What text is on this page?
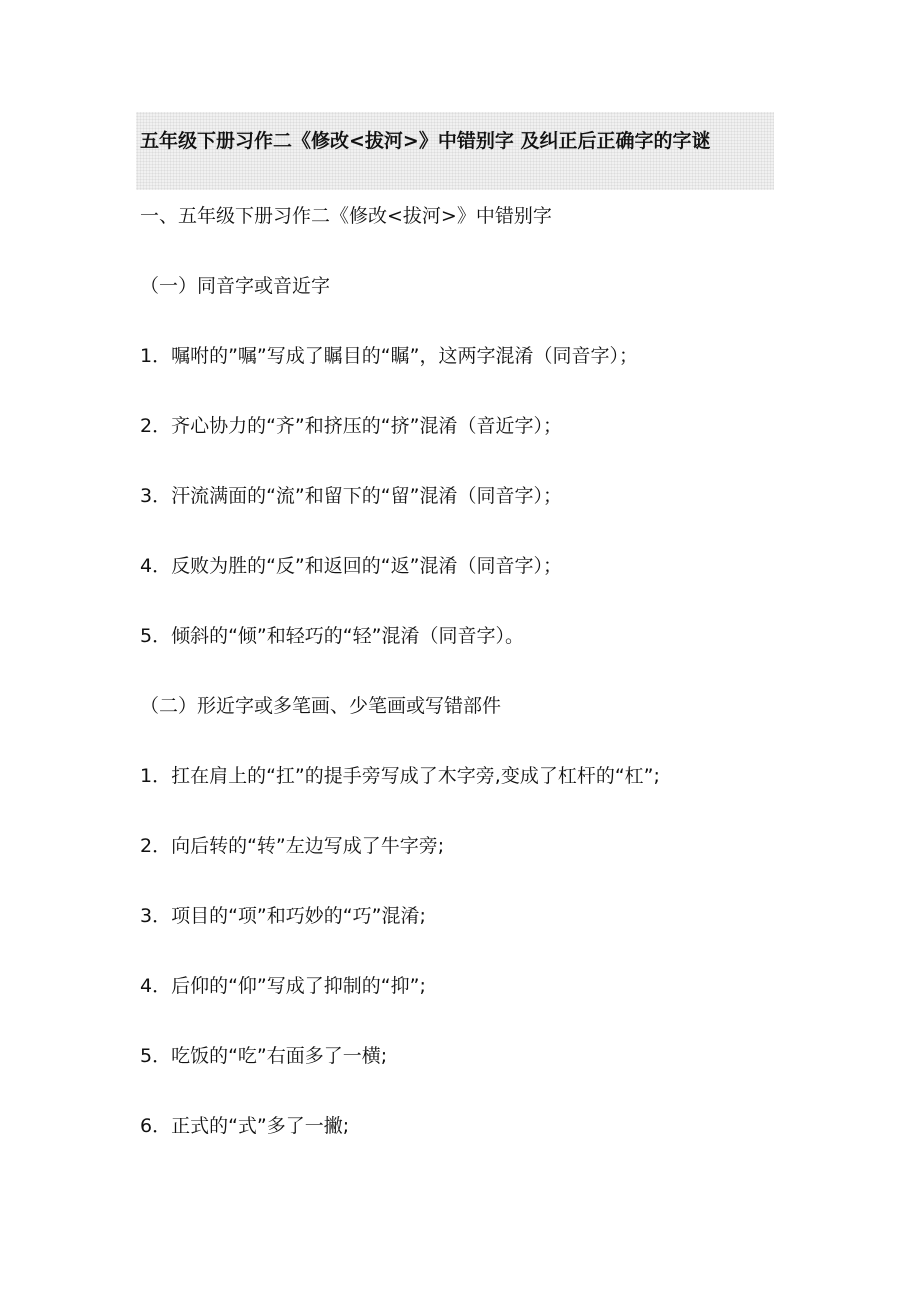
五年级下册习作二《修改<拔河>》中错别字 及纠正后正确字的字谜
一、五年级下册习作二《修改<拔河>》中错别字
（一）同音字或音近字
1．嘱咐的”嘱”写成了瞩目的“瞩”，这两字混淆（同音字）；
2．齐心协力的“齐”和挤压的“挤”混淆（音近字）；
3．汗流满面的“流”和留下的“留”混淆（同音字）；
4．反败为胜的“反”和返回的“返”混淆（同音字）；
5．倾斜的“倾”和轻巧的“轻”混淆（同音字）。
（二）形近字或多笔画、少笔画或写错部件
1．扛在肩上的“扛”的提手旁写成了木字旁,变成了杠杆的“杠”;
2．向后转的“转”左边写成了牛字旁;
3．项目的“项”和巧妙的“巧”混淆;
4．后仰的“仰”写成了抑制的“抑”;
5．吃饭的“吃”右面多了一横;
6．正式的“式”多了一撇;
